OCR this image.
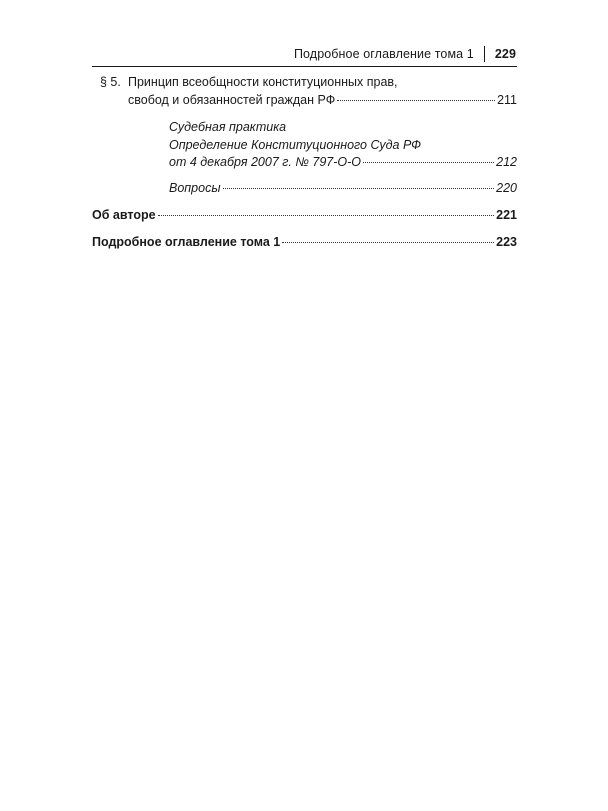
Подробное оглавление тома 1 229
§ 5. Принцип всеобщности конституционных прав,
свобод и обязанностей граждан РФ	211
Судебная практика
Определение Конституционного Суда РФ
от 4 декабря 2007 г. № 797-О-О	212
Вопросы	220
Об авторе	221
Подробное оглавление тома 1	223
